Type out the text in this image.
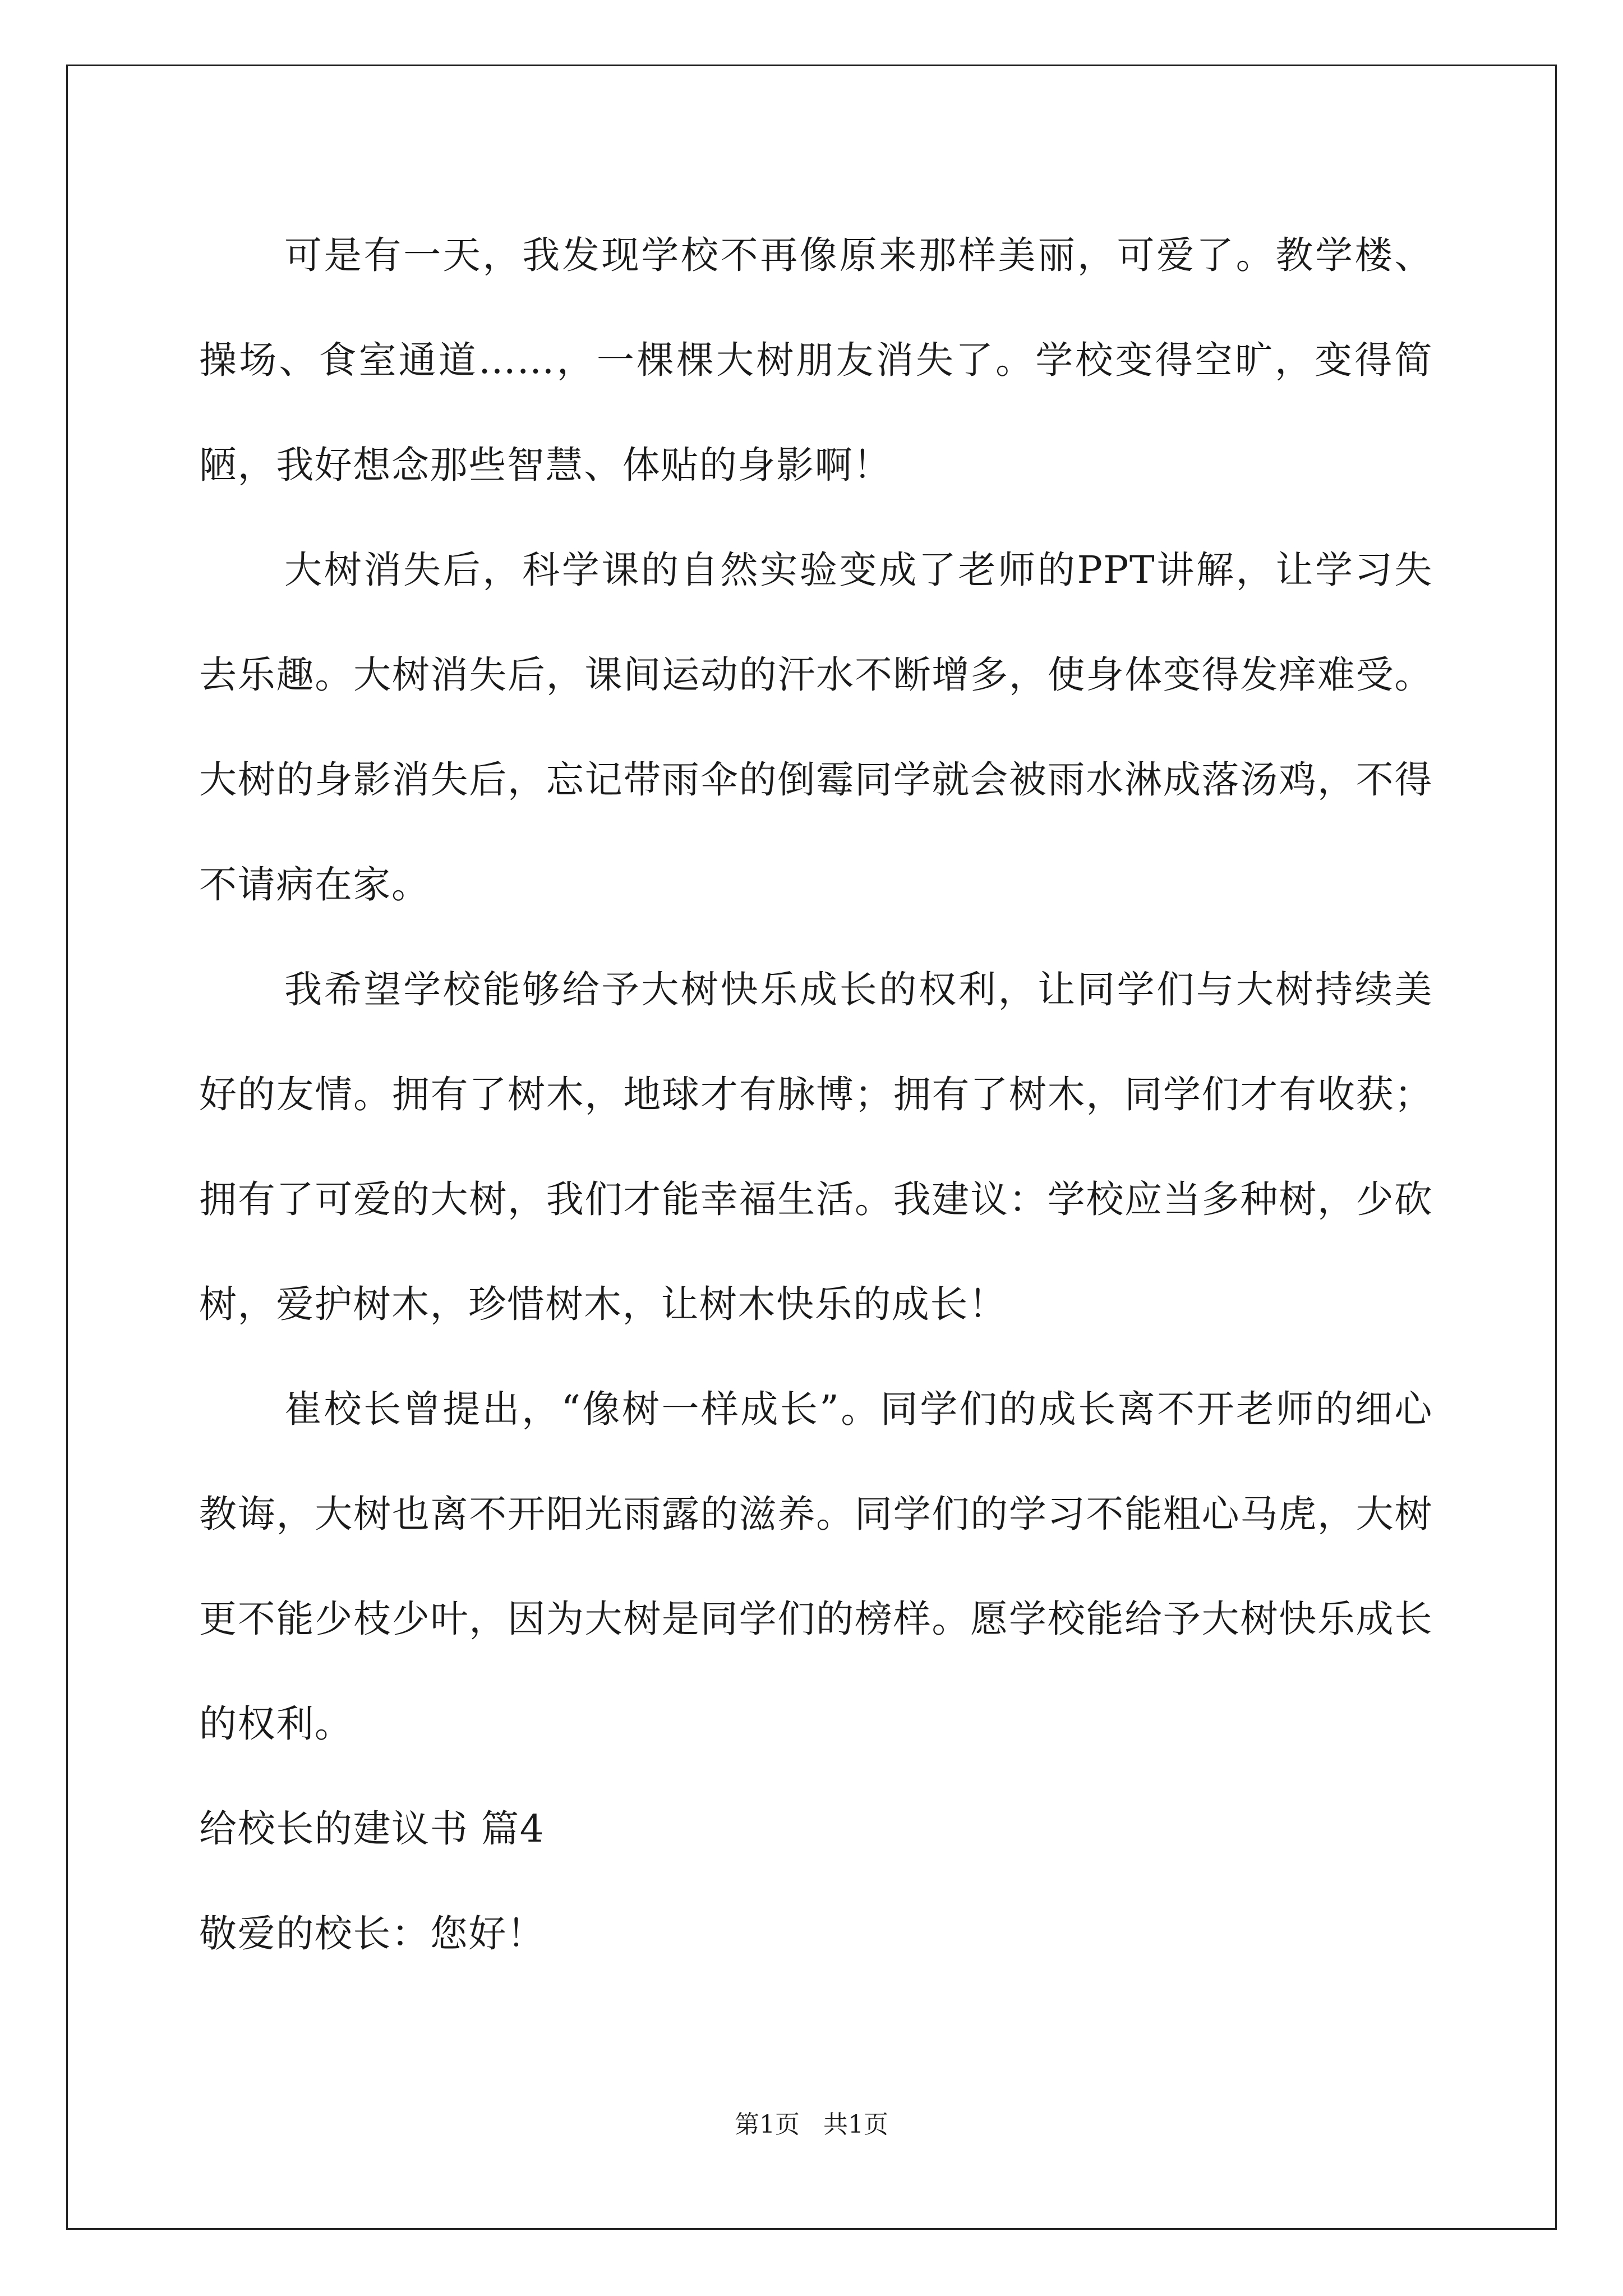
可是有一天，我发现学校不再像原来那样美丽，可爱了。教学楼、操场、食室通道……，一棵棵大树朋友消失了。学校变得空旷，变得简陋，我好想念那些智慧、体贴的身影啊！

大树消失后，科学课的自然实验变成了老师的PPT讲解，让学习失去乐趣。大树消失后，课间运动的汗水不断增多，使身体变得发痒难受。大树的身影消失后，忘记带雨伞的倒霉同学就会被雨水淋成落汤鸡，不得不请病在家。

我希望学校能够给予大树快乐成长的权利，让同学们与大树持续美好的友情。拥有了树木，地球才有脉博；拥有了树木，同学们才有收获；拥有了可爱的大树，我们才能幸福生活。我建议：学校应当多种树，少砍树，爱护树木，珍惜树木，让树木快乐的成长！

崔校长曾提出，“像树一样成长”。同学们的成长离不开老师的细心教诲，大树也离不开阳光雨露的滋养。同学们的学习不能粗心马虎，大树更不能少枝少叶，因为大树是同学们的榜样。愿学校能给予大树快乐成长的权利。

给校长的建议书 篇4

敬爱的校长：您好！

第1页   共1页
